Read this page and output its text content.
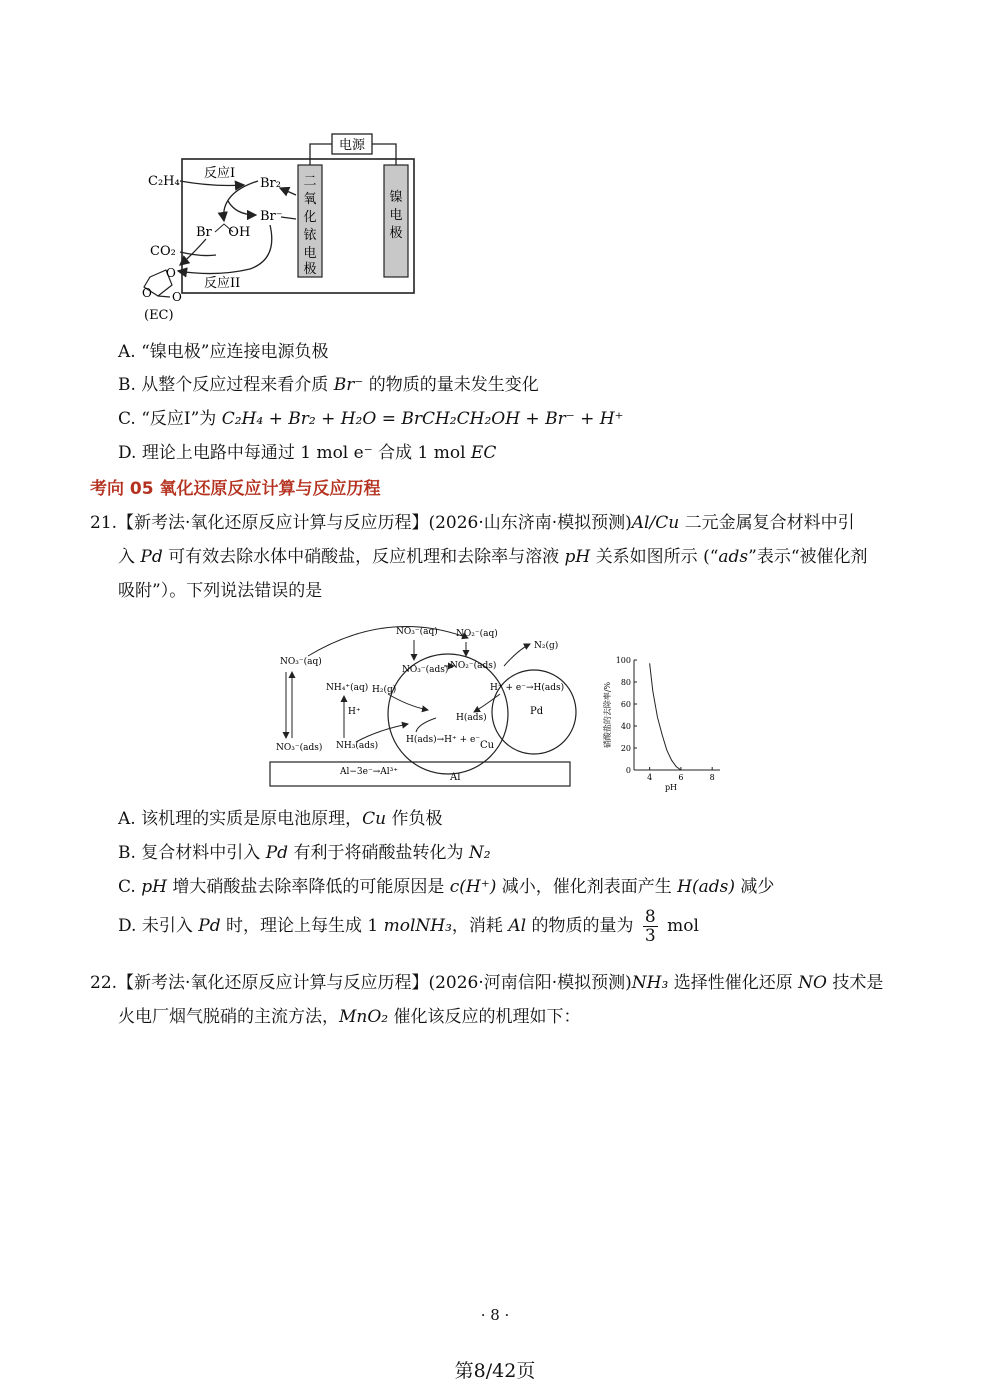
电源
二
氧
化
铱
电
极
镍
电
极
C₂H₄
反应I
Br₂
Br⁻
Br    OH
CO₂
反应II
O
O O
(EC)
A. “镍电极”应连接电源负极
B. 从整个反应过程来看介质 Br⁻ 的物质的量未发生变化
C. “反应Ⅰ”为 C₂H₄ + Br₂ + H₂O = BrCH₂CH₂OH + Br⁻ + H⁺
D. 理论上电路中每通过 1 mol e⁻ 合成 1 mol EC
考向 05 氧化还原反应计算与反应历程
21.【新考法·氧化还原反应计算与反应历程】(2026·山东济南·模拟预测)Al/Cu 二元金属复合材料中引
入 Pd 可有效去除水体中硝酸盐，反应机理和去除率与溶液 pH 关系如图所示 (“ads”表示“被催化剂
吸附”）。下列说法错误的是
Al
Al−3e⁻→Al³⁺
Cu
Pd
NO₃⁻(aq)
NO₃⁻(ads)
NH₄⁺(aq)
H⁺
NH₃(ads)
NO₃⁻(aq) NO₂⁻(aq)
NO₃⁻(ads) NO₂⁻(ads)
N₂(g)
H₂(g)	H⁺ + e⁻→H(ads)
H(ads)
H(ads)→H⁺ + e⁻
0
20
40
60
80
100
4	6	8
pH
硝酸盐的去除率/%
A. 该机理的实质是原电池原理，Cu 作负极
B. 复合材料中引入 Pd 有利于将硝酸盐转化为 N₂
C. pH 增大硝酸盐去除率降低的可能原因是 c(H⁺) 减小，催化剂表面产生 H(ads) 减少
D. 未引入 Pd 时，理论上每生成 1 molNH₃，消耗 Al 的物质的量为 $\frac{8}{3}$ mol
22.【新考法·氧化还原反应计算与反应历程】(2026·河南信阳·模拟预测)NH₃ 选择性催化还原 NO 技术是
火电厂烟气脱硝的主流方法，MnO₂ 催化该反应的机理如下：
· 8 ·
第8/42页
